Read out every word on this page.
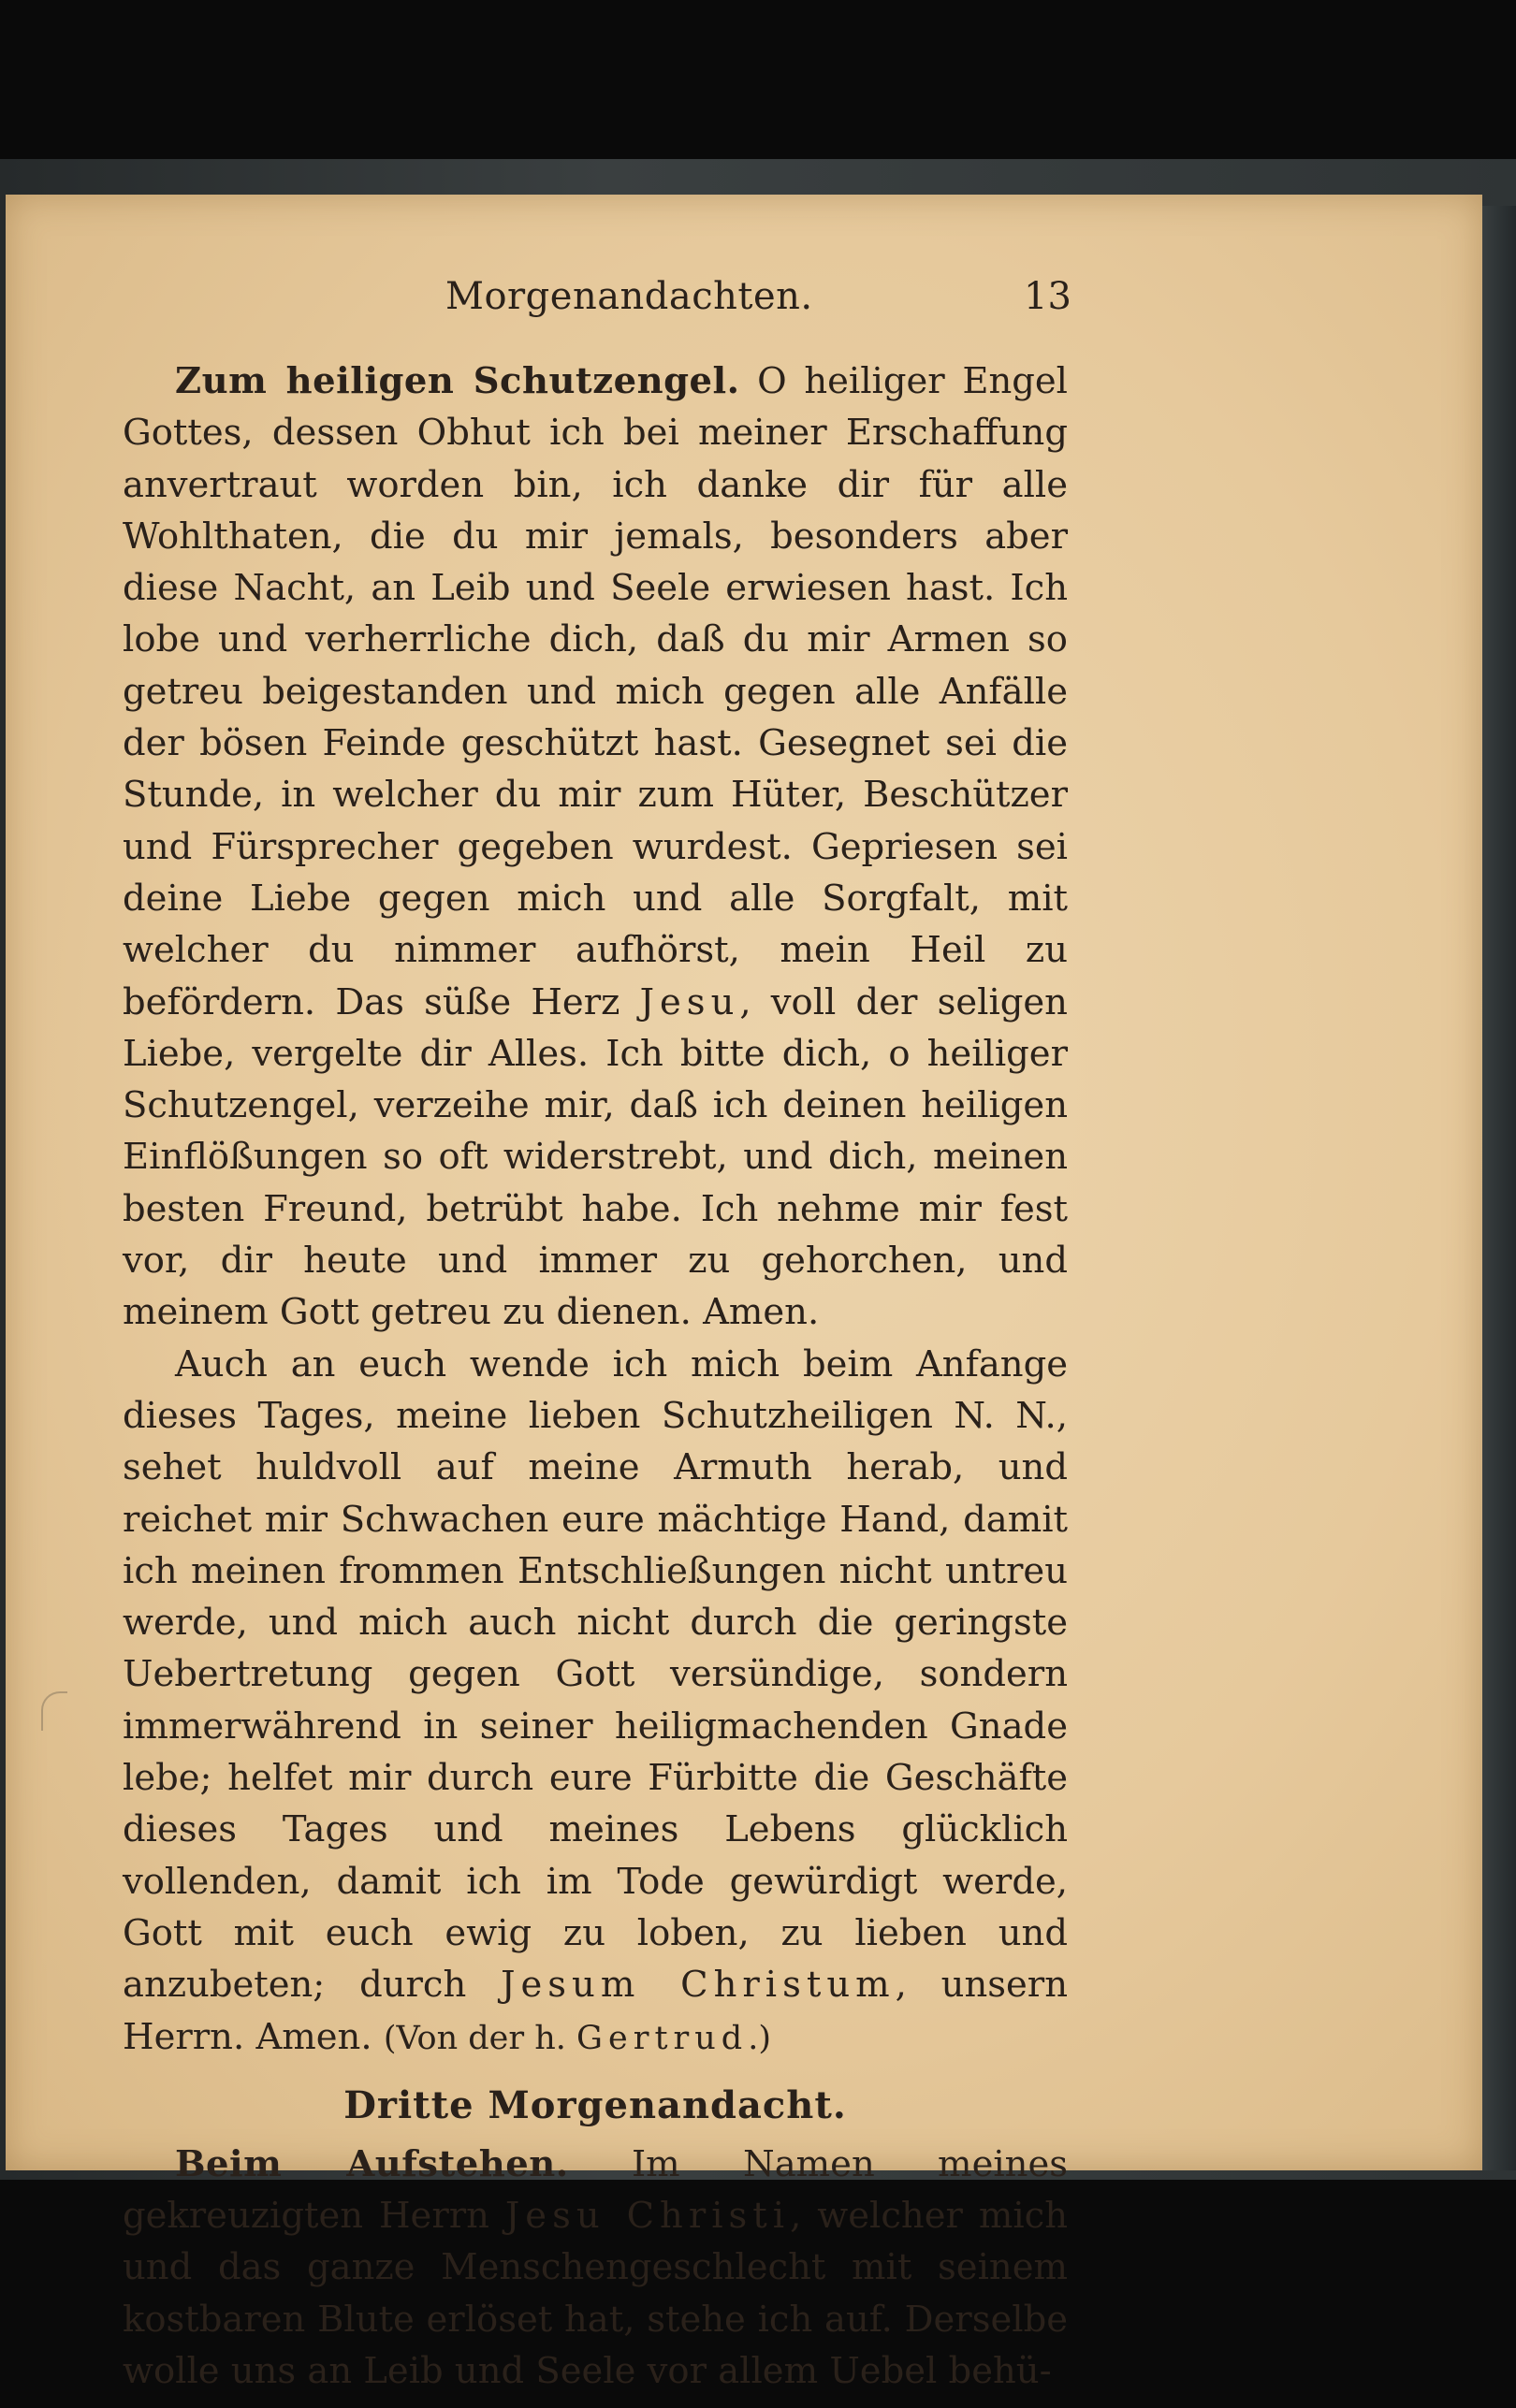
Morgenandachten.	13

Zum heiligen Schutzengel. O heiliger Engel Gottes, dessen Obhut ich bei meiner Erschaffung anvertraut worden bin, ich danke dir für alle Wohlthaten, die du mir jemals, besonders aber diese Nacht, an Leib und Seele erwiesen hast. Ich lobe und verherrliche dich, daß du mir Armen so getreu beigestanden und mich gegen alle Anfälle der bösen Feinde geschützt hast. Gesegnet sei die Stunde, in welcher du mir zum Hüter, Beschützer und Fürsprecher gegeben wurdest. Gepriesen sei deine Liebe gegen mich und alle Sorgfalt, mit welcher du nimmer aufhörst, mein Heil zu befördern. Das süße Herz Jesu, voll der seligen Liebe, vergelte dir Alles. Ich bitte dich, o heiliger Schutzengel, verzeihe mir, daß ich deinen heiligen Einflößungen so oft widerstrebt, und dich, meinen besten Freund, betrübt habe. Ich nehme mir fest vor, dir heute und immer zu gehorchen, und meinem Gott getreu zu dienen. Amen.

Auch an euch wende ich mich beim Anfange dieses Tages, meine lieben Schutzheiligen N. N., sehet huldvoll auf meine Armuth herab, und reichet mir Schwachen eure mächtige Hand, damit ich meinen frommen Entschließungen nicht untreu werde, und mich auch nicht durch die geringste Uebertretung gegen Gott versündige, sondern immerwährend in seiner heiligmachenden Gnade lebe; helfet mir durch eure Fürbitte die Geschäfte dieses Tages und meines Lebens glücklich vollenden, damit ich im Tode gewürdigt werde, Gott mit euch ewig zu loben, zu lieben und anzubeten; durch Jesum Christum, unsern Herrn. Amen. (Von der h. Gertrud.)

Dritte Morgenandacht.

Beim Aufstehen. Im Namen meines gekreuzigten Herrn Jesu Christi, welcher mich und das ganze Menschengeschlecht mit seinem kostbaren Blute erlöset hat, stehe ich auf. Derselbe wolle uns an Leib und Seele vor allem Uebel behü-
